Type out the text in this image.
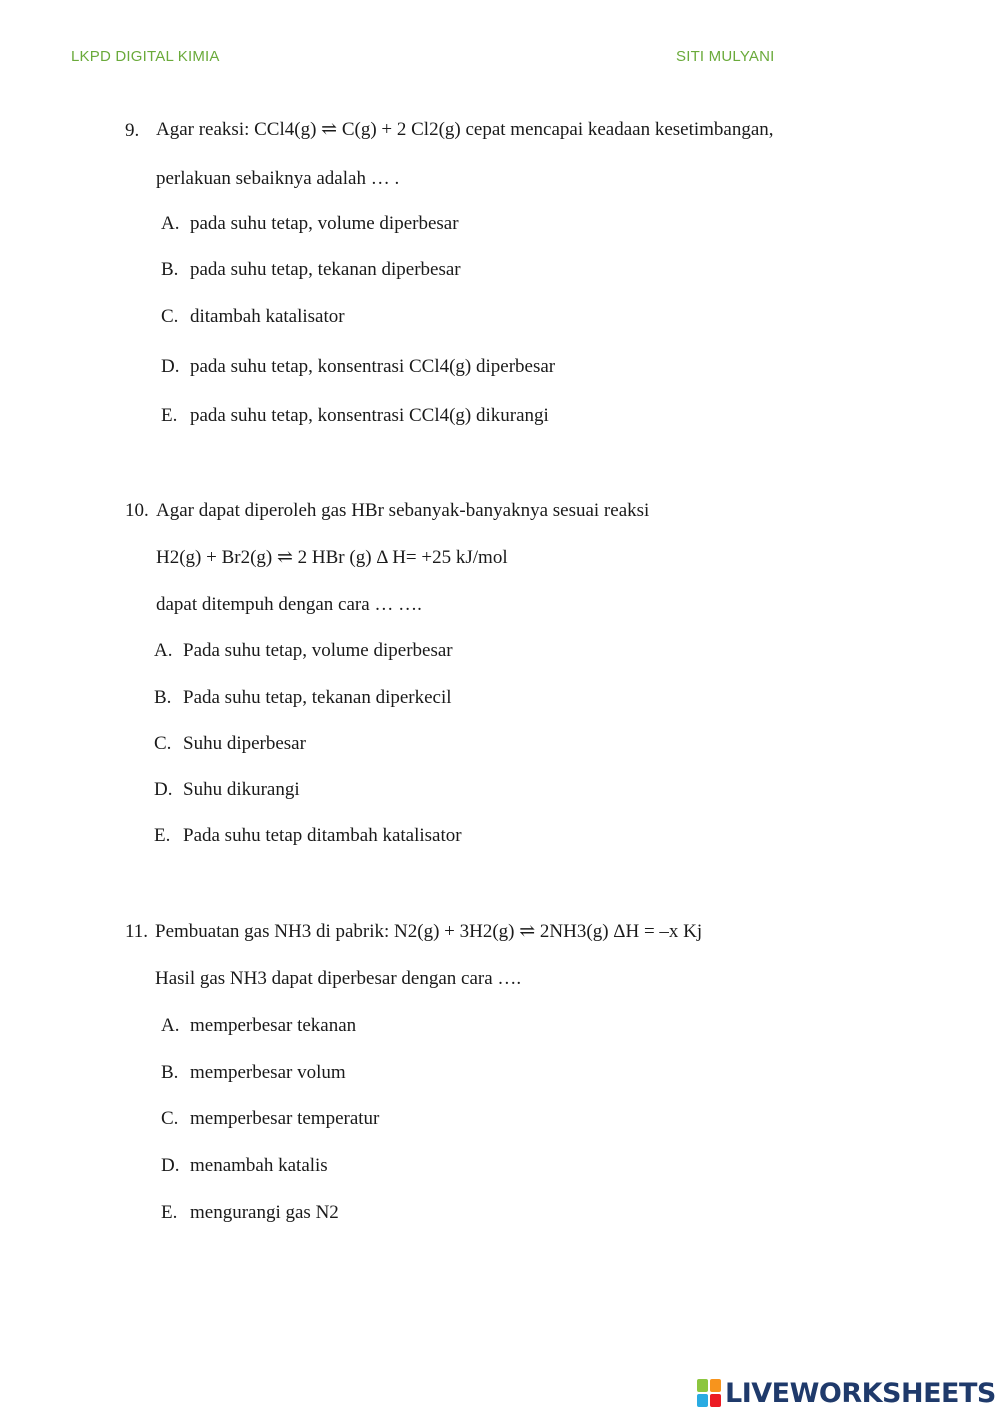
LKPD DIGITAL KIMIA	SITI MULYANI
9. Agar reaksi: CCl4(g) ⇌ C(g) + 2 Cl2(g) cepat mencapai keadaan kesetimbangan,
perlakuan sebaiknya adalah … .
A. pada suhu tetap, volume diperbesar
B. pada suhu tetap, tekanan diperbesar
C. ditambah katalisator
D. pada suhu tetap, konsentrasi CCl4(g) diperbesar
E. pada suhu tetap, konsentrasi CCl4(g) dikurangi
10. Agar dapat diperoleh gas HBr sebanyak-banyaknya sesuai reaksi
H2(g) + Br2(g) ⇌ 2 HBr (g) Δ H= +25 kJ/mol
dapat ditempuh dengan cara … ….
A. Pada suhu tetap, volume diperbesar
B. Pada suhu tetap, tekanan diperkecil
C. Suhu diperbesar
D. Suhu dikurangi
E. Pada suhu tetap ditambah katalisator
11. Pembuatan gas NH3 di pabrik: N2(g) + 3H2(g) ⇌ 2NH3(g) ΔH = –x Kj
Hasil gas NH3 dapat diperbesar dengan cara ….
A. memperbesar tekanan
B. memperbesar volum
C. memperbesar temperatur
D. menambah katalis
E. mengurangi gas N2
LIVEWORKSHEETS
